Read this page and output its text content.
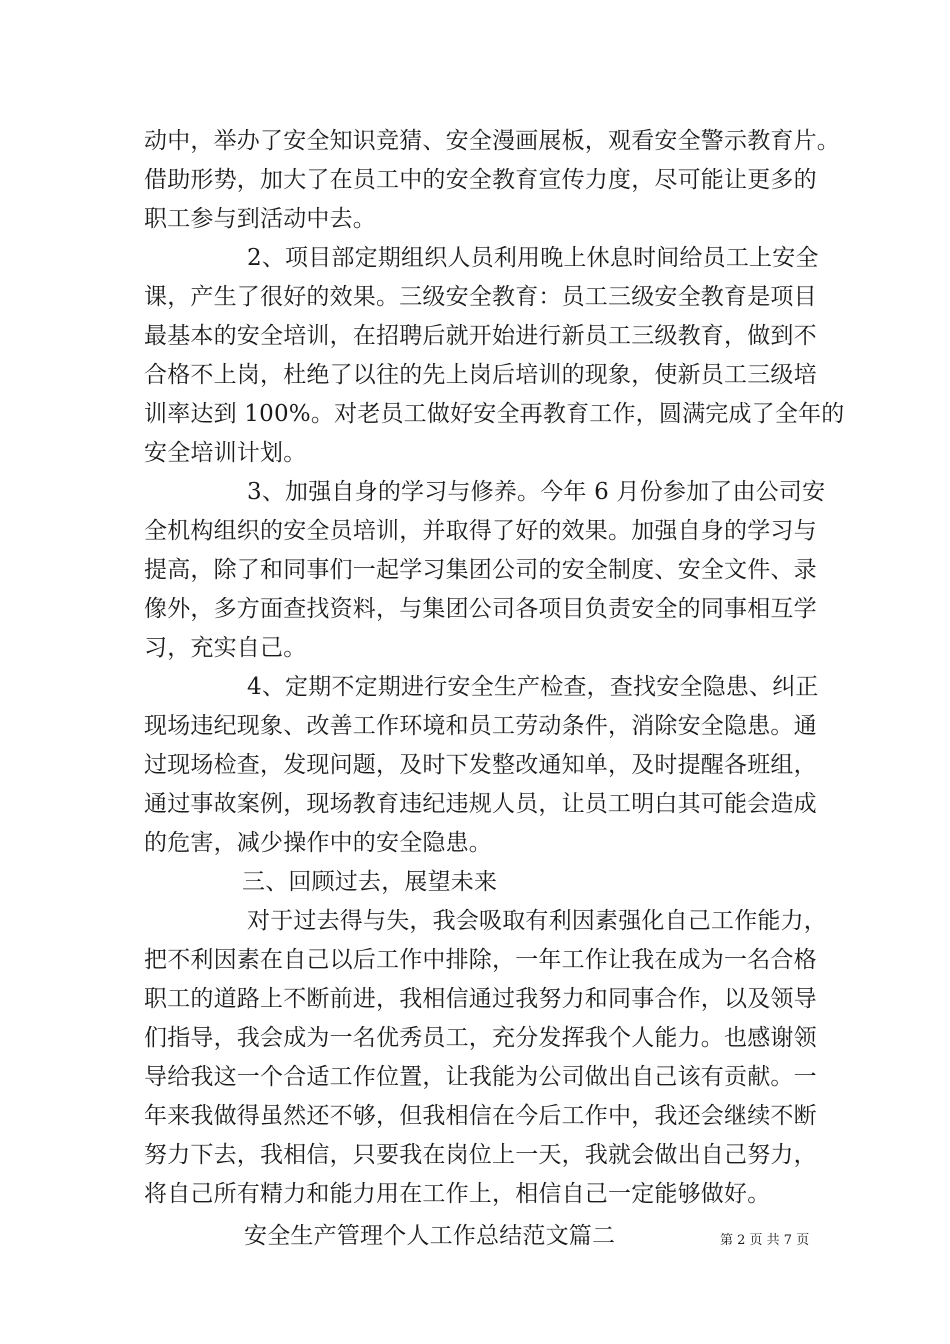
动中，举办了安全知识竞猜、安全漫画展板，观看安全警示教育片。
借助形势，加大了在员工中的安全教育宣传力度，尽可能让更多的
职工参与到活动中去。
2、项目部定期组织人员利用晚上休息时间给员工上安全
课，产生了很好的效果。三级安全教育：员工三级安全教育是项目
最基本的安全培训，在招聘后就开始进行新员工三级教育，做到不
合格不上岗，杜绝了以往的先上岗后培训的现象，使新员工三级培
训率达到 100%。对老员工做好安全再教育工作，圆满完成了全年的
安全培训计划。
3、加强自身的学习与修养。今年 6 月份参加了由公司安
全机构组织的安全员培训，并取得了好的效果。加强自身的学习与
提高，除了和同事们一起学习集团公司的安全制度、安全文件、录
像外，多方面查找资料，与集团公司各项目负责安全的同事相互学
习，充实自己。
4、定期不定期进行安全生产检查，查找安全隐患、纠正
现场违纪现象、改善工作环境和员工劳动条件，消除安全隐患。通
过现场检查，发现问题，及时下发整改通知单，及时提醒各班组，
通过事故案例，现场教育违纪违规人员，让员工明白其可能会造成
的危害，减少操作中的安全隐患。
三、回顾过去，展望未来
对于过去得与失，我会吸取有利因素强化自己工作能力，
把不利因素在自己以后工作中排除，一年工作让我在成为一名合格
职工的道路上不断前进，我相信通过我努力和同事合作，以及领导
们指导，我会成为一名优秀员工，充分发挥我个人能力。也感谢领
导给我这一个合适工作位置，让我能为公司做出自己该有贡献。一
年来我做得虽然还不够，但我相信在今后工作中，我还会继续不断
努力下去，我相信，只要我在岗位上一天，我就会做出自己努力，
将自己所有精力和能力用在工作上，相信自己一定能够做好。
安全生产管理个人工作总结范文篇二	第 2 页 共 7 页
